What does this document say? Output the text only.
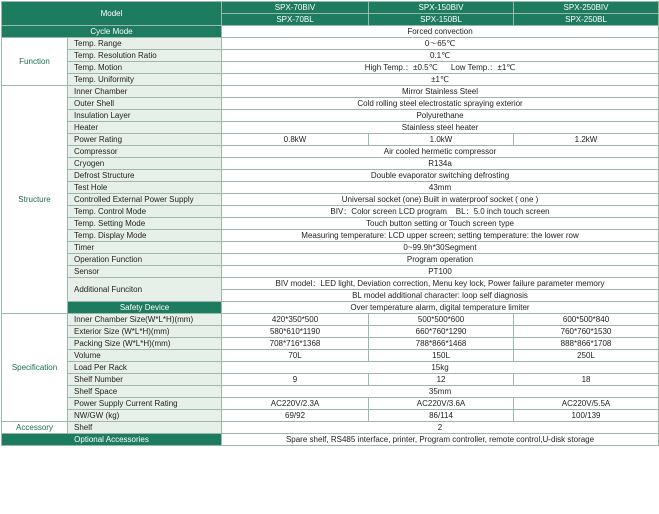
Model		SPX-70BIV	SPX-150BIV	SPX-250BIV
		SPX-70BL	SPX-150BL	SPX-250BL
Cycle Mode		Forced convection		
Function	Temp. Range	0～65℃		
	Temp. Resolution Ratio	0.1℃		
	Temp. Motion	High Temp.：±0.5℃      Low Temp.：±1℃		
	Temp. Uniformity	±1℃		
Structure	Inner Chamber	Mirror Stainless Steel		
	Outer Shell	Cold rolling steel electrostatic spraying exterior		
	Insulation Layer	Polyurethane		
	Heater	Stainless steel heater		
	Power Rating	0.8kW	1.0kW	1.2kW
	Compressor	Air cooled hermetic compressor		
	Cryogen	R134a		
	Defrost Structure	Double evaporator switching defrosting		
	Test Hole	43mm		
	Controlled External Power Supply	Universal socket (one) Built in waterproof socket ( one )		
	Temp. Control Mode	BIV：Color screen LCD program    BL：5.0 inch touch screen		
	Temp. Setting Mode	Touch button setting or Touch screen type		
	Temp. Display Mode	Measuring temperature: LCD upper screen; setting temperature: the lower row		
	Timer	0~99.9h*30Segment		
	Operation Function	Program operation		
	Sensor	PT100		
	Additional Funciton	BIV model：LED light, Deviation correction, Menu key lock, Power failure parameter memory		
		BL model additional character: loop self diagnosis		
	Safety Device	Over temperature alarm, digital temperature limiter		
Specification	Inner Chamber Size(W*L*H)(mm)	420*350*500	500*500*600	600*500*840
	Exterior Size (W*L*H)(mm)	580*610*1190	660*760*1290	760*760*1530
	Packing Size (W*L*H)(mm)	708*716*1368	788*866*1468	888*866*1708
	Volume	70L	150L	250L
	Load Per Rack	15kg		
	Shelf Number	9	12	18
	Shelf Space	35mm		
	Power Supply Current Rating	AC220V/2.3A	AC220V/3.6A	AC220V/5.5A
	NW/GW (kg)	69/92	86/114	100/139
Accessory	Shelf	2		
Optional Accessories		Spare shelf, RS485 interface, printer, Program controller, remote control,U-disk storage		
